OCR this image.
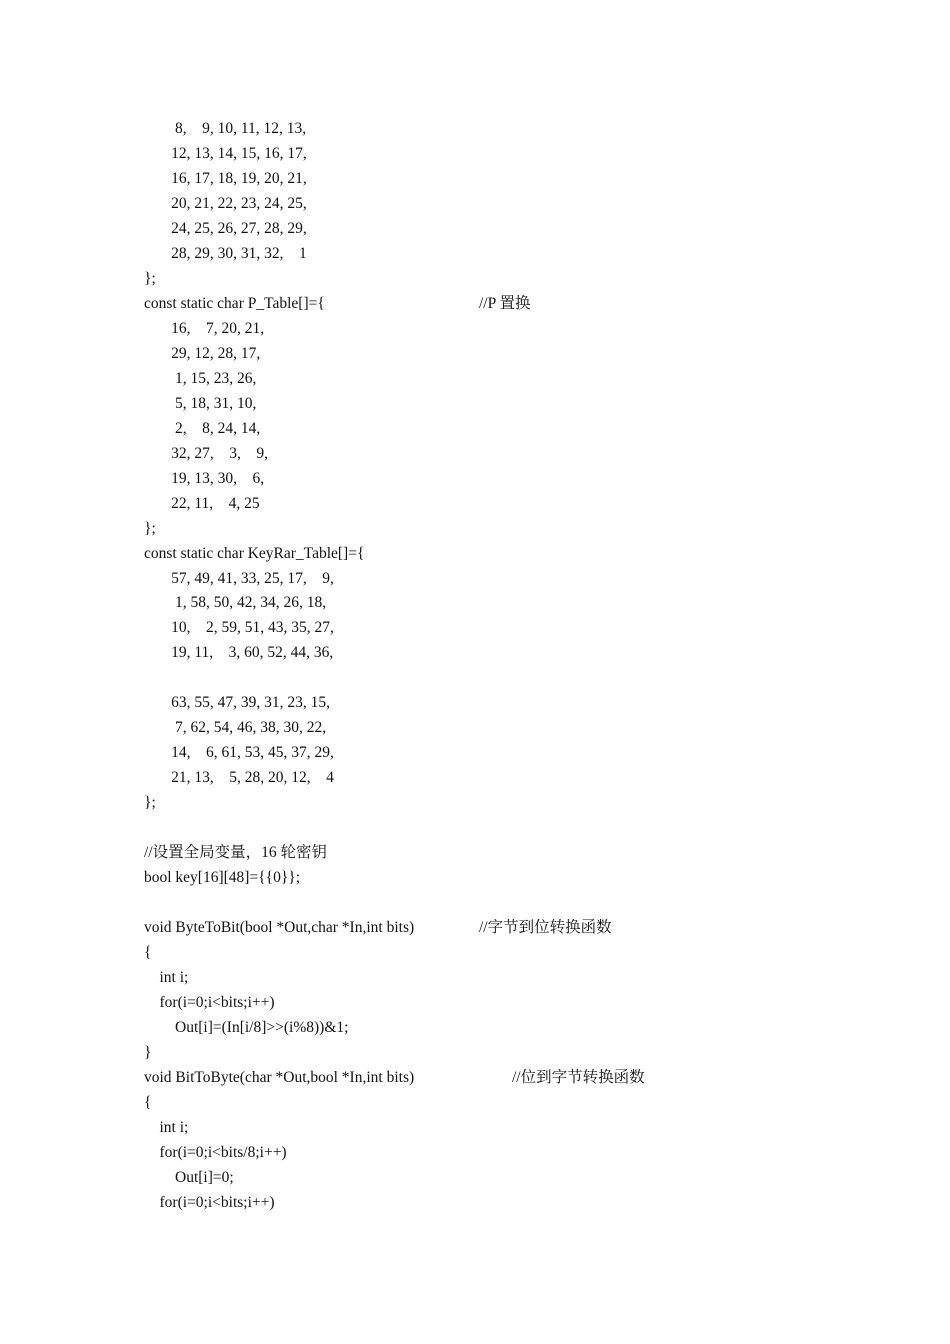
8,    9, 10, 11, 12, 13,
12, 13, 14, 15, 16, 17,
16, 17, 18, 19, 20, 21,
20, 21, 22, 23, 24, 25,
24, 25, 26, 27, 28, 29,
28, 29, 30, 31, 32,    1
};
const static char P_Table[]={	//P 置换
16,    7, 20, 21,
29, 12, 28, 17,
1, 15, 23, 26,
5, 18, 31, 10,
2,    8, 24, 14,
32, 27,    3,    9,
19, 13, 30,    6,
22, 11,    4, 25
};
const static char KeyRar_Table[]={
57, 49, 41, 33, 25, 17,    9,
1, 58, 50, 42, 34, 26, 18,
10,    2, 59, 51, 43, 35, 27,
19, 11,    3, 60, 52, 44, 36,
63, 55, 47, 39, 31, 23, 15,
7, 62, 54, 46, 38, 30, 22,
14,    6, 61, 53, 45, 37, 29,
21, 13,    5, 28, 20, 12,    4
};
//设置全局变量，16 轮密钥
bool key[16][48]={{0}};
void ByteToBit(bool *Out,char *In,int bits)	//字节到位转换函数
{
int i;
for(i=0;i<bits;i++)
Out[i]=(In[i/8]>>(i%8))&1;
}
void BitToByte(char *Out,bool *In,int bits)	//位到字节转换函数
{
int i;
for(i=0;i<bits/8;i++)
Out[i]=0;
for(i=0;i<bits;i++)
